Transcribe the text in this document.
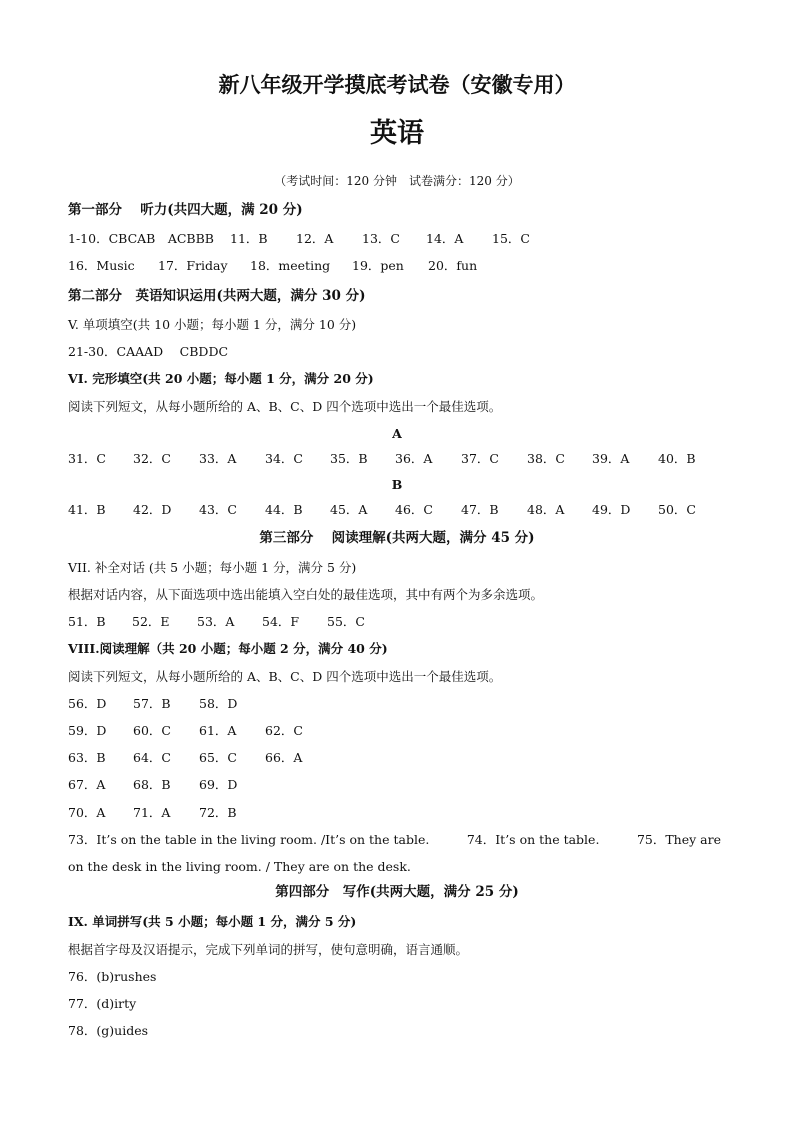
新八年级开学摸底考试卷（安徽专用）
英语
（考试时间：120 分钟　试卷满分：120 分）
第一部分　 听力(共四大题，满 20 分)
1-10．CBCAB　ACBBB 11．B 12．A 13．C 14．A 15．C
16．Music 17．Friday 18．meeting 19．pen 20．fun
第二部分　英语知识运用(共两大题，满分 30 分)
V. 单项填空(共 10 小题；每小题 1 分，满分 10 分)
21-30．CAAAD　 CBDDC
VI. 完形填空(共 20 小题；每小题 1 分，满分 20 分)
阅读下列短文，从每小题所给的 A、B、C、D 四个选项中选出一个最佳选项。
A
31．C 32．C 33．A 34．C 35．B 36．A 37．C 38．C 39．A 40．B
B
41．B 42．D 43．C 44．B 45．A 46．C 47．B 48．A 49．D 50．C
第三部分　 阅读理解(共两大题，满分 45 分)
VII. 补全对话 (共 5 小题；每小题 1 分，满分 5 分)
根据对话内容，从下面选项中选出能填入空白处的最佳选项，其中有两个为多余选项。
51．B 52．E 53．A 54．F 55．C
VIII.阅读理解（共 20 小题；每小题 2 分，满分 40 分)
阅读下列短文，从每小题所给的 A、B、C、D 四个选项中选出一个最佳选项。
56．D 57．B 58．D
59．D 60．C 61．A 62．C
63．B 64．C 65．C 66．A
67．A 68．B 69．D
70．A 71．A 72．B
73．It’s on the table in the living room. /It’s on the table.　　　	74．It’s on the table.　　　	75．They are on the desk in the living room. / They are on the desk.
第四部分　写作(共两大题，满分 25 分)
IX. 单词拼写(共 5 小题；每小题 1 分，满分 5 分)
根据首字母及汉语提示，完成下列单词的拼写，使句意明确，语言通顺。
76．(b)rushes
77．(d)irty
78．(g)uides
